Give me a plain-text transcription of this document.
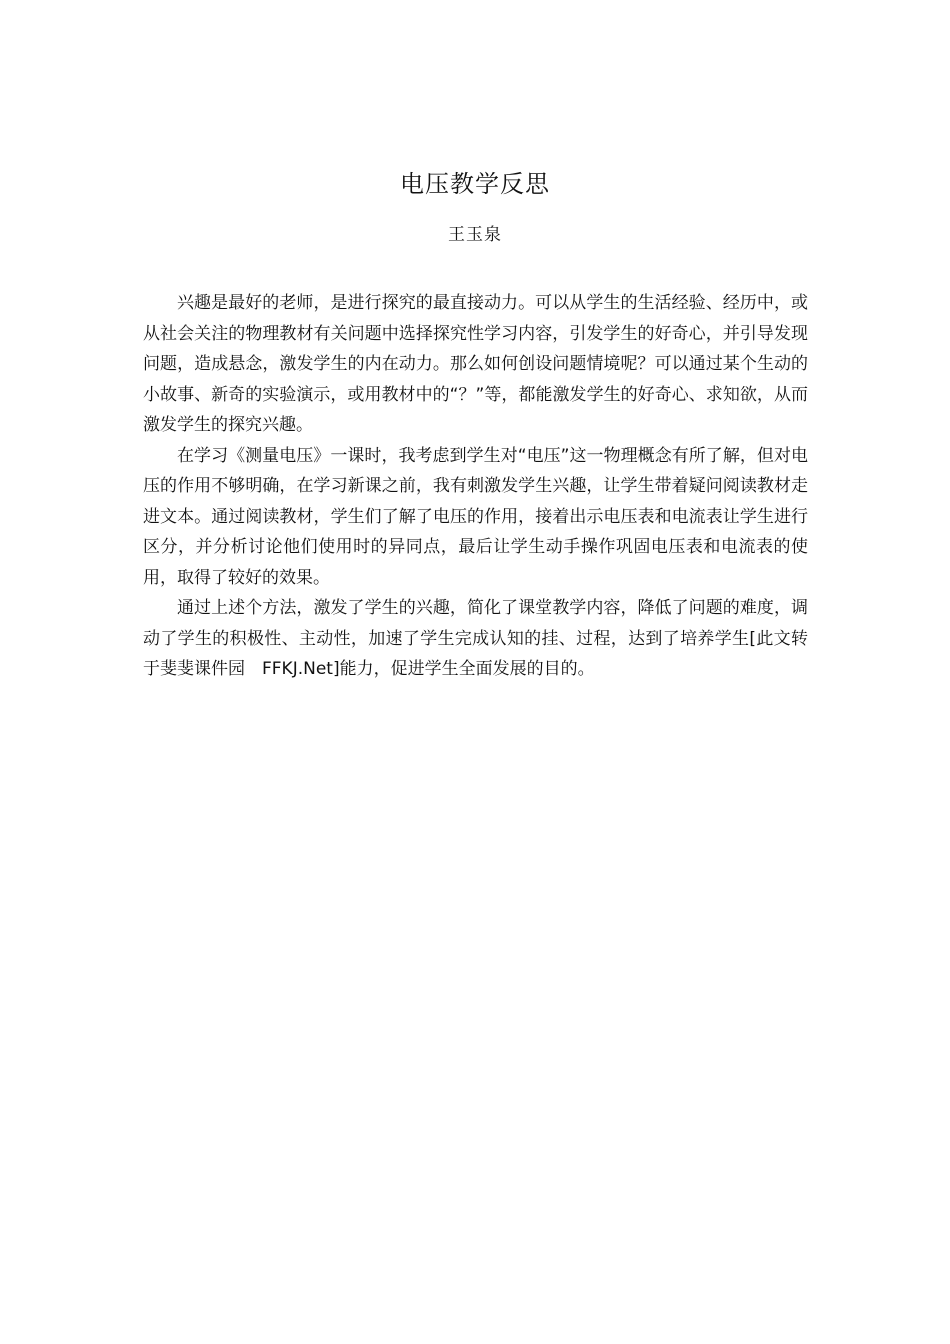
电压教学反思
王玉泉

兴趣是最好的老师，是进行探究的最直接动力。可以从学生的生活经验、经历中，或从社会关注的物理教材有关问题中选择探究性学习内容，引发学生的好奇心，并引导发现问题，造成悬念，激发学生的内在动力。那么如何创设问题情境呢？可以通过某个生动的小故事、新奇的实验演示，或用教材中的“？”等，都能激发学生的好奇心、求知欲，从而激发学生的探究兴趣。

在学习《测量电压》一课时，我考虑到学生对“电压”这一物理概念有所了解，但对电压的作用不够明确，在学习新课之前，我有刺激发学生兴趣，让学生带着疑问阅读教材走进文本。通过阅读教材，学生们了解了电压的作用，接着出示电压表和电流表让学生进行区分，并分析讨论他们使用时的异同点，最后让学生动手操作巩固电压表和电流表的使用，取得了较好的效果。

通过上述个方法，激发了学生的兴趣，简化了课堂教学内容，降低了问题的难度，调动了学生的积极性、主动性，加速了学生完成认知的挂、过程，达到了培养学生[此文转于斐斐课件园　FFKJ.Net]能力，促进学生全面发展的目的。
